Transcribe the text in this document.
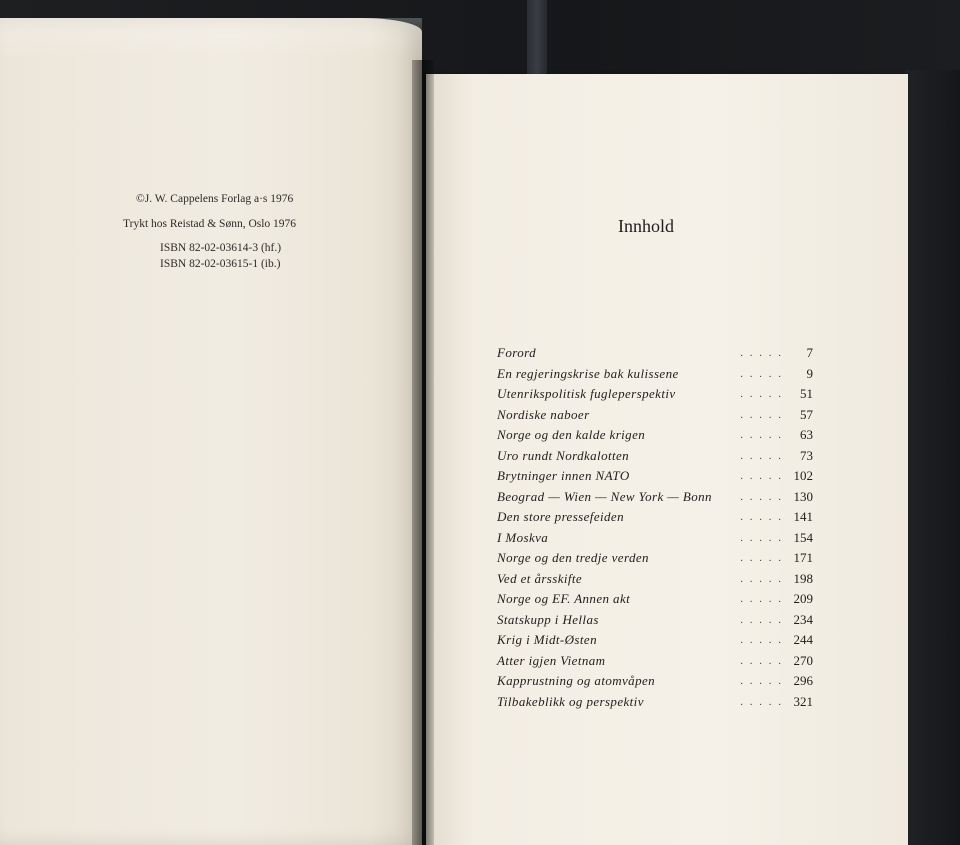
©J. W. Cappelens Forlag a·s 1976
Trykt hos Reistad & Sønn, Oslo 1976
ISBN 82-02-03614-3 (hf.)
ISBN 82-02-03615-1 (ib.)
Innhold
Forord	. . . . . 7
En regjeringskrise bak kulissene	. . . . . 9
Utenrikspolitisk fugleperspektiv	. . . . . 51
Nordiske naboer	. . . . . 57
Norge og den kalde krigen	. . . . . 63
Uro rundt Nordkalotten	. . . . . 73
Brytninger innen NATO	. . . . . 102
Beograd — Wien — New York — Bonn	. . . . . 130
Den store pressefeiden	. . . . . 141
I Moskva	. . . . . 154
Norge og den tredje verden	. . . . . 171
Ved et årsskifte	. . . . . 198
Norge og EF. Annen akt	. . . . . 209
Statskupp i Hellas	. . . . . 234
Krig i Midt-Østen	. . . . . 244
Atter igjen Vietnam	. . . . . 270
Kapprustning og atomvåpen	. . . . . 296
Tilbakeblikk og perspektiv	. . . . . 321
